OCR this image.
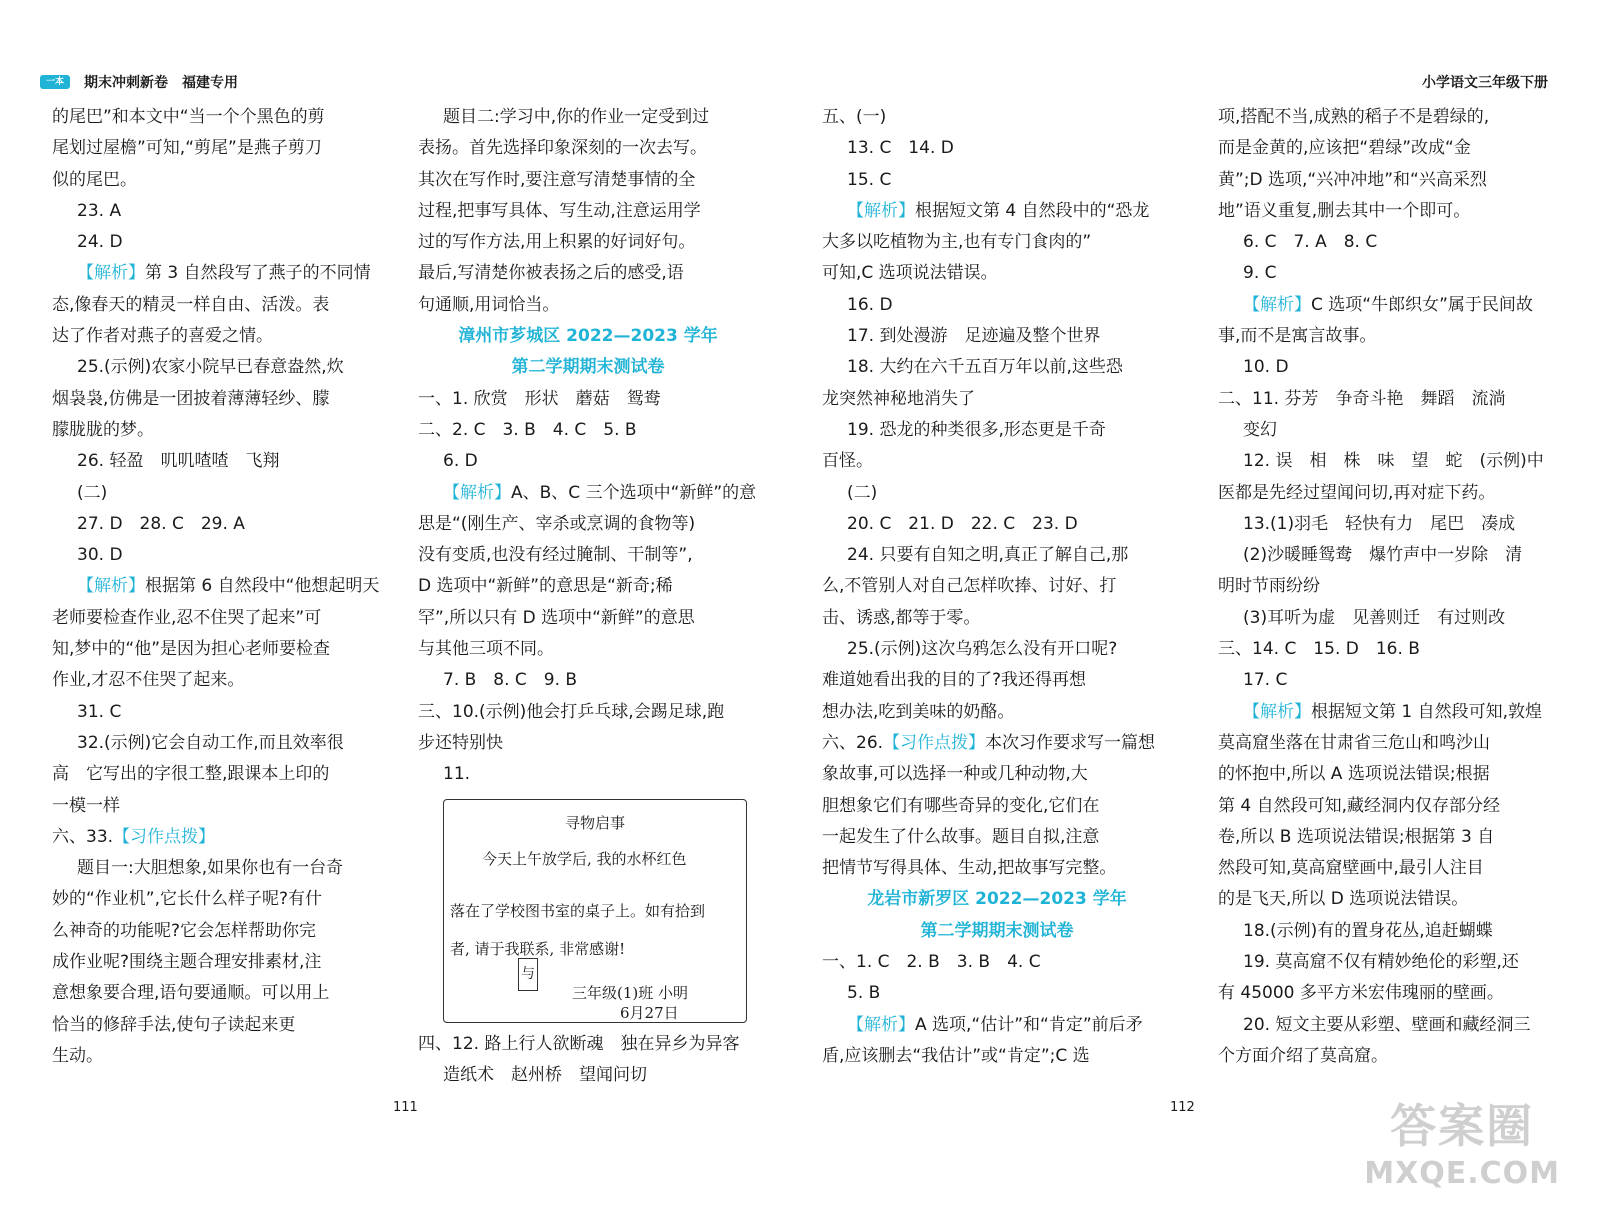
一本	期末冲刺新卷 福建专用	小学语文三年级下册

的尾巴”和本文中“当一个个黑色的剪

尾划过屋檐”可知,“剪尾”是燕子剪刀

似的尾巴。

23. A

24. D

【解析】第 3 自然段写了燕子的不同情

态,像春天的精灵一样自由、活泼。表

达了作者对燕子的喜爱之情。

25.(示例)农家小院早已春意盎然,炊

烟袅袅,仿佛是一团披着薄薄轻纱、朦

朦胧胧的梦。

26. 轻盈　叽叽喳喳　飞翔

(二)

27. D　28. C　29. A

30. D

【解析】根据第 6 自然段中“他想起明天

老师要检查作业,忍不住哭了起来”可

知,梦中的“他”是因为担心老师要检查

作业,才忍不住哭了起来。

31. C

32.(示例)它会自动工作,而且效率很

高　它写出的字很工整,跟课本上印的

一模一样

六、33.【习作点拨】

题目一:大胆想象,如果你也有一台奇

妙的“作业机”,它长什么样子呢?有什

么神奇的功能呢?它会怎样帮助你完

成作业呢?围绕主题合理安排素材,注

意想象要合理,语句要通顺。可以用上

恰当的修辞手法,使句子读起来更

生动。

题目二:学习中,你的作业一定受到过

表扬。首先选择印象深刻的一次去写。

其次在写作时,要注意写清楚事情的全

过程,把事写具体、写生动,注意运用学

过的写作方法,用上积累的好词好句。

最后,写清楚你被表扬之后的感受,语

句通顺,用词恰当。

漳州市芗城区 2022—2023 学年

第二学期期末测试卷

一、1. 欣赏　形状　蘑菇　鸳鸯

二、2. C　3. B　4. C　5. B

6. D

【解析】A、B、C 三个选项中“新鲜”的意

思是“(刚生产、宰杀或烹调的食物等)

没有变质,也没有经过腌制、干制等”,

D 选项中“新鲜”的意思是“新奇;稀

罕”,所以只有 D 选项中“新鲜”的意思

与其他三项不同。

7. B　8. C　9. B

三、10.(示例)他会打乒乓球,会踢足球,跑

步还特别快

11.

寻物启事
今天上午放学后, 我的水杯红色
落在了学校图书室的桌子上。如有拾到
者, 请于我联系, 非常感谢!
与
三年级(1)班 小明
6月27日

四、12. 路上行人欲断魂　独在异乡为异客

造纸术　赵州桥　望闻问切

五、(一)

13. C　14. D

15. C

【解析】根据短文第 4 自然段中的“恐龙

大多以吃植物为主,也有专门食肉的”

可知,C 选项说法错误。

16. D

17. 到处漫游　足迹遍及整个世界

18. 大约在六千五百万年以前,这些恐

龙突然神秘地消失了

19. 恐龙的种类很多,形态更是千奇

百怪。

(二)

20. C　21. D　22. C　23. D

24. 只要有自知之明,真正了解自己,那

么,不管别人对自己怎样吹捧、讨好、打

击、诱惑,都等于零。

25.(示例)这次乌鸦怎么没有开口呢?

难道她看出我的目的了?我还得再想

想办法,吃到美味的奶酪。

六、26.【习作点拨】本次习作要求写一篇想

象故事,可以选择一种或几种动物,大

胆想象它们有哪些奇异的变化,它们在

一起发生了什么故事。题目自拟,注意

把情节写得具体、生动,把故事写完整。

龙岩市新罗区 2022—2023 学年

第二学期期末测试卷

一、1. C　2. B　3. B　4. C

5. B

【解析】A 选项,“估计”和“肯定”前后矛

盾,应该删去“我估计”或“肯定”;C 选

项,搭配不当,成熟的稻子不是碧绿的,

而是金黄的,应该把“碧绿”改成“金

黄”;D 选项,“兴冲冲地”和“兴高采烈

地”语义重复,删去其中一个即可。

6. C　7. A　8. C

9. C

【解析】C 选项“牛郎织女”属于民间故

事,而不是寓言故事。

10. D

二、11. 芬芳　争奇斗艳　舞蹈　流淌

变幻

12. 误　相　株　味　望　蛇　(示例)中

医都是先经过望闻问切,再对症下药。

13.(1)羽毛　轻快有力　尾巴　凑成

(2)沙暖睡鸳鸯　爆竹声中一岁除　清

明时节雨纷纷

(3)耳听为虚　见善则迁　有过则改

三、14. C　15. D　16. B

17. C

【解析】根据短文第 1 自然段可知,敦煌

莫高窟坐落在甘肃省三危山和鸣沙山

的怀抱中,所以 A 选项说法错误;根据

第 4 自然段可知,藏经洞内仅存部分经

卷,所以 B 选项说法错误;根据第 3 自

然段可知,莫高窟壁画中,最引人注目

的是飞天,所以 D 选项说法错误。

18.(示例)有的置身花丛,追赶蝴蝶

19. 莫高窟不仅有精妙绝伦的彩塑,还

有 45000 多平方米宏伟瑰丽的壁画。

20. 短文主要从彩塑、壁画和藏经洞三

个方面介绍了莫高窟。

111	112	答案圈
MXQE.COM
